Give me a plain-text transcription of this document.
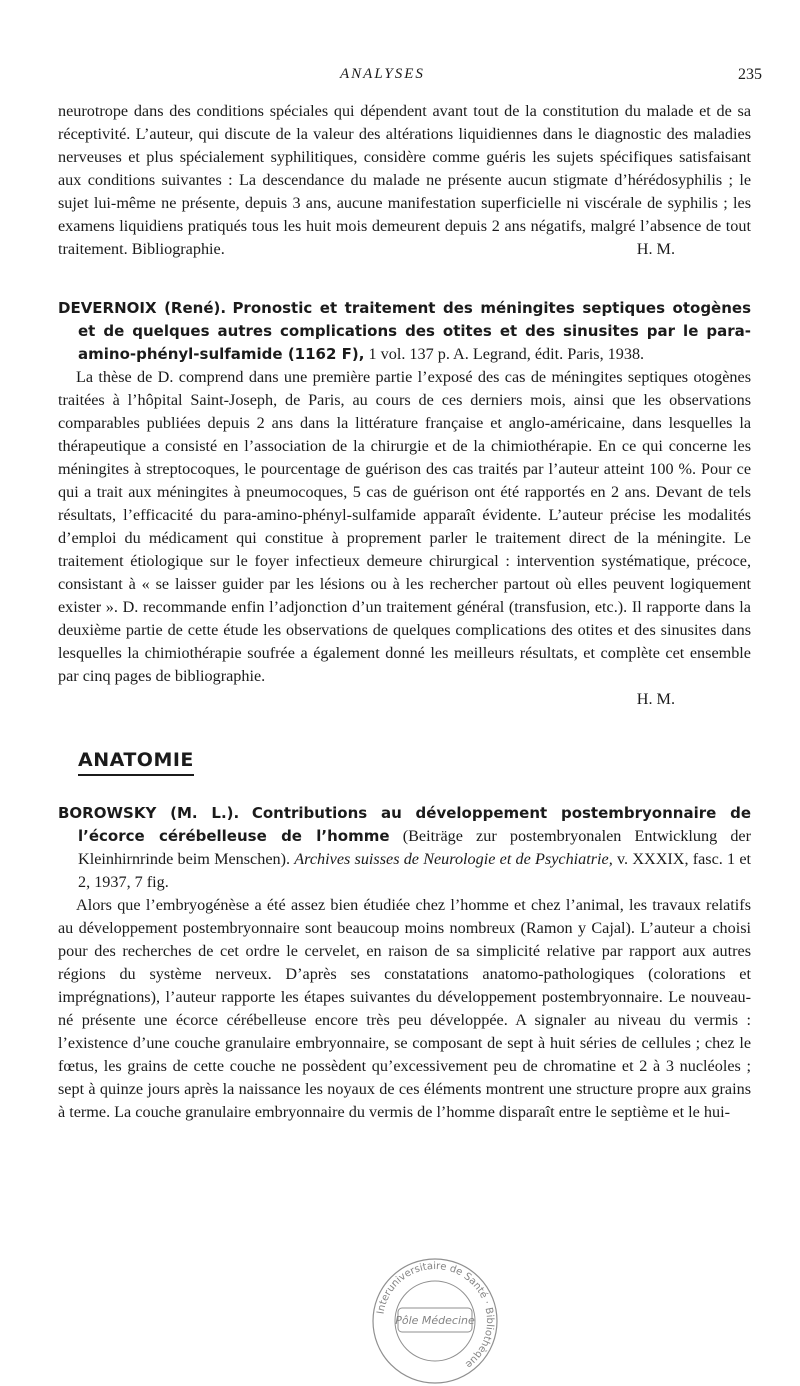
ANALYSES	235

neurotrope dans des conditions spéciales qui dépendent avant tout de la constitution du malade et de sa réceptivité. L’auteur, qui discute de la valeur des altérations liquidiennes dans le diagnostic des maladies nerveuses et plus spécialement syphilitiques, considère comme guéris les sujets spécifiques satisfaisant aux conditions suivantes : La descendance du malade ne présente aucun stigmate d’hérédosyphilis ; le sujet lui-même ne présente, depuis 3 ans, aucune manifestation superficielle ni viscérale de syphilis ; les examens liquidiens pratiqués tous les huit mois demeurent depuis 2 ans négatifs, malgré l’absence de tout traitement. Bibliographie.	H. M.

DEVERNOIX (René). Pronostic et traitement des méningites septiques otogènes et de quelques autres complications des otites et des sinusites par le para-amino-phényl-sulfamide (1162 F), 1 vol. 137 p. A. Legrand, édit. Paris, 1938.

La thèse de D. comprend dans une première partie l’exposé des cas de méningites septiques otogènes traitées à l’hôpital Saint-Joseph, de Paris, au cours de ces derniers mois, ainsi que les observations comparables publiées depuis 2 ans dans la littérature française et anglo-américaine, dans lesquelles la thérapeutique a consisté en l’association de la chirurgie et de la chimiothérapie. En ce qui concerne les méningites à streptocoques, le pourcentage de guérison des cas traités par l’auteur atteint 100 %. Pour ce qui a trait aux méningites à pneumocoques, 5 cas de guérison ont été rapportés en 2 ans. Devant de tels résultats, l’efficacité du para-amino-phényl-sulfamide apparaît évidente. L’auteur précise les modalités d’emploi du médicament qui constitue à proprement parler le traitement direct de la méningite. Le traitement étiologique sur le foyer infectieux demeure chirurgical : intervention systématique, précoce, consistant à « se laisser guider par les lésions ou à les rechercher partout où elles peuvent logiquement exister ». D. recommande enfin l’adjonction d’un traitement général (transfusion, etc.). Il rapporte dans la deuxième partie de cette étude les observations de quelques complications des otites et des sinusites dans lesquelles la chimiothérapie soufrée a également donné les meilleurs résultats, et complète cet ensemble par cinq pages de bibliographie.

H. M.

ANATOMIE

BOROWSKY (M. L.). Contributions au développement postembryonnaire de l’écorce cérébelleuse de l’homme (Beiträge zur postembryonalen Entwicklung der Kleinhirnrinde beim Menschen). Archives suisses de Neurologie et de Psychiatrie, v. XXXIX, fasc. 1 et 2, 1937, 7 fig.

Alors que l’embryogénèse a été assez bien étudiée chez l’homme et chez l’animal, les travaux relatifs au développement postembryonnaire sont beaucoup moins nombreux (Ramon y Cajal). L’auteur a choisi pour des recherches de cet ordre le cervelet, en raison de sa simplicité relative par rapport aux autres régions du système nerveux. D’après ses constatations anatomo-pathologiques (colorations et imprégnations), l’auteur rapporte les étapes suivantes du développement postembryonnaire. Le nouveau-né présente une écorce cérébelleuse encore très peu développée. A signaler au niveau du vermis : l’existence d’une couche granulaire embryonnaire, se composant de sept à huit séries de cellules ; chez le fœtus, les grains de cette couche ne possèdent qu’excessivement peu de chromatine et 2 à 3 nucléoles ; sept à quinze jours après la naissance les noyaux de ces éléments montrent une structure propre aux grains à terme. La couche granulaire embryonnaire du vermis de l’homme disparaît entre le septième et le hui-

Interuniversitaire de Santé · Bibliothèque
Pôle Médecine
